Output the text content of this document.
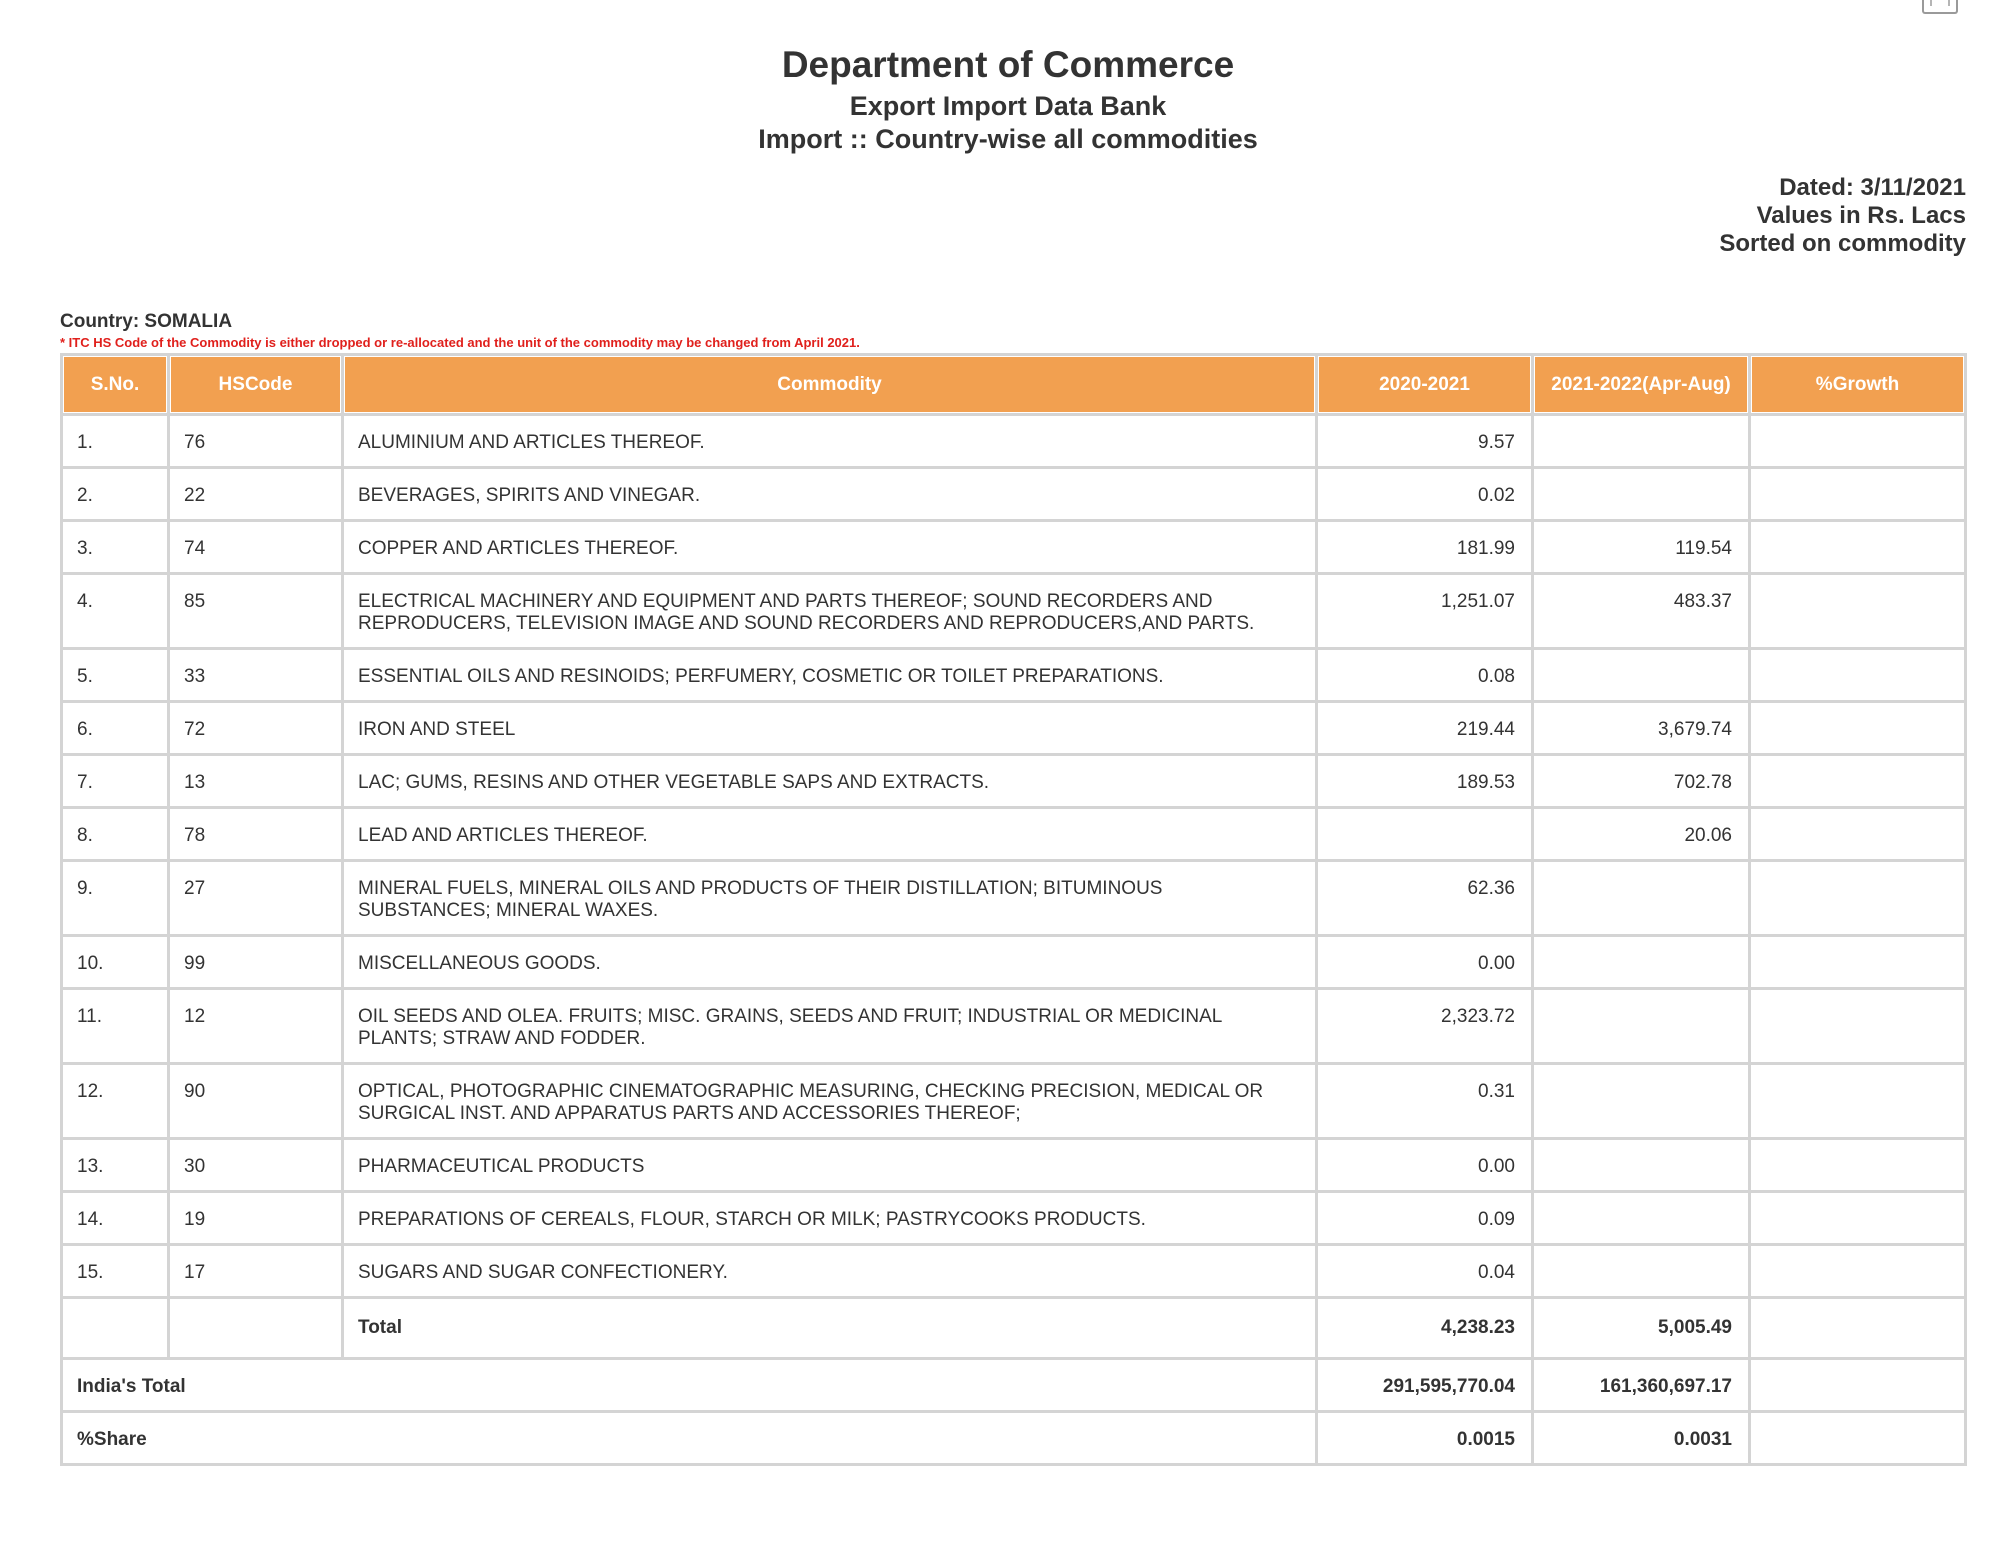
Department of Commerce
Export Import Data Bank
Import :: Country-wise all commodities
Dated: 3/11/2021
Values in Rs. Lacs
Sorted on commodity
Country: SOMALIA
* ITC HS Code of the Commodity is either dropped or re-allocated and the unit of the commodity may be changed from April 2021.
S.No.	HSCode	Commodity	2020-2021	2021-2022(Apr-Aug)	%Growth
1.	76	ALUMINIUM AND ARTICLES THEREOF.	9.57		
2.	22	BEVERAGES, SPIRITS AND VINEGAR.	0.02		
3.	74	COPPER AND ARTICLES THEREOF.	181.99	119.54	
4.	85	ELECTRICAL MACHINERY AND EQUIPMENT AND PARTS THEREOF; SOUND RECORDERS AND REPRODUCERS, TELEVISION IMAGE AND SOUND RECORDERS AND REPRODUCERS,AND PARTS.	1,251.07	483.37	
5.	33	ESSENTIAL OILS AND RESINOIDS; PERFUMERY, COSMETIC OR TOILET PREPARATIONS.	0.08		
6.	72	IRON AND STEEL	219.44	3,679.74	
7.	13	LAC; GUMS, RESINS AND OTHER VEGETABLE SAPS AND EXTRACTS.	189.53	702.78	
8.	78	LEAD AND ARTICLES THEREOF.		20.06	
9.	27	MINERAL FUELS, MINERAL OILS AND PRODUCTS OF THEIR DISTILLATION; BITUMINOUS SUBSTANCES; MINERAL WAXES.	62.36		
10.	99	MISCELLANEOUS GOODS.	0.00		
11.	12	OIL SEEDS AND OLEA. FRUITS; MISC. GRAINS, SEEDS AND FRUIT; INDUSTRIAL OR MEDICINAL PLANTS; STRAW AND FODDER.	2,323.72		
12.	90	OPTICAL, PHOTOGRAPHIC CINEMATOGRAPHIC MEASURING, CHECKING PRECISION, MEDICAL OR SURGICAL INST. AND APPARATUS PARTS AND ACCESSORIES THEREOF;	0.31		
13.	30	PHARMACEUTICAL PRODUCTS	0.00		
14.	19	PREPARATIONS OF CEREALS, FLOUR, STARCH OR MILK; PASTRYCOOKS PRODUCTS.	0.09		
15.	17	SUGARS AND SUGAR CONFECTIONERY.	0.04		
		Total	4,238.23	5,005.49	
India's Total			291,595,770.04	161,360,697.17	
%Share			0.0015	0.0031	
